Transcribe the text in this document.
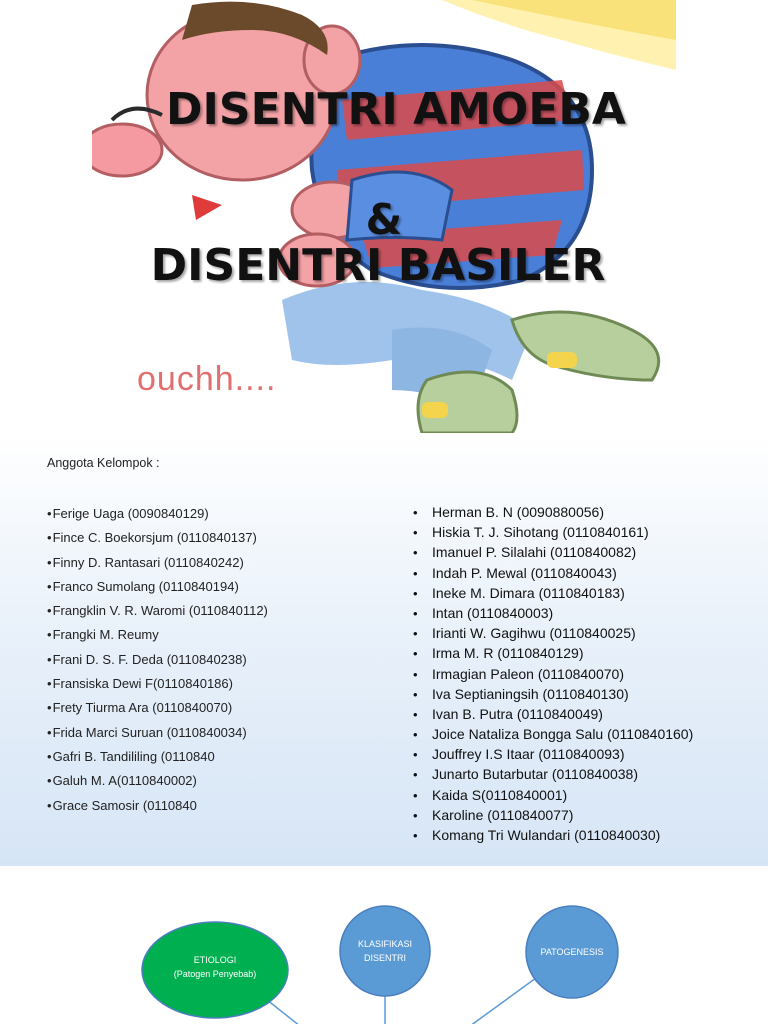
DISENTRI AMOEBA
&
DISENTRI BASILER
ouchh....
Anggota Kelompok :
•Ferige Uaga (0090840129)
•Fince C. Boekorsjum (0110840137)
•Finny D. Rantasari (0110840242)
•Franco Sumolang (0110840194)
•Frangklin V. R. Waromi (0110840112)
•Frangki M. Reumy
•Frani D. S. F. Deda (0110840238)
•Fransiska Dewi F(0110840186)
•Frety Tiurma Ara (0110840070)
•Frida Marci Suruan (0110840034)
•Gafri B. Tandililing (0110840
•Galuh M. A(0110840002)
•Grace Samosir (0110840
• Herman B. N (0090880056)
• Hiskia T. J. Sihotang (0110840161)
• Imanuel P. Silalahi (0110840082)
• Indah P. Mewal (0110840043)
• Ineke M. Dimara (0110840183)
• Intan (0110840003)
• Irianti W. Gagihwu (0110840025)
• Irma M. R (0110840129)
• Irmagian Paleon (0110840070)
• Iva Septianingsih (0110840130)
• Ivan B. Putra (0110840049)
• Joice Nataliza Bongga Salu (0110840160)
• Jouffrey I.S Itaar (0110840093)
• Junarto Butarbutar (0110840038)
• Kaida S(0110840001)
• Karoline (0110840077)
• Komang Tri Wulandari (0110840030)
ETIOLOGI
(Patogen Penyebab)
KLASIFIKASI
DISENTRI
PATOGENESIS
